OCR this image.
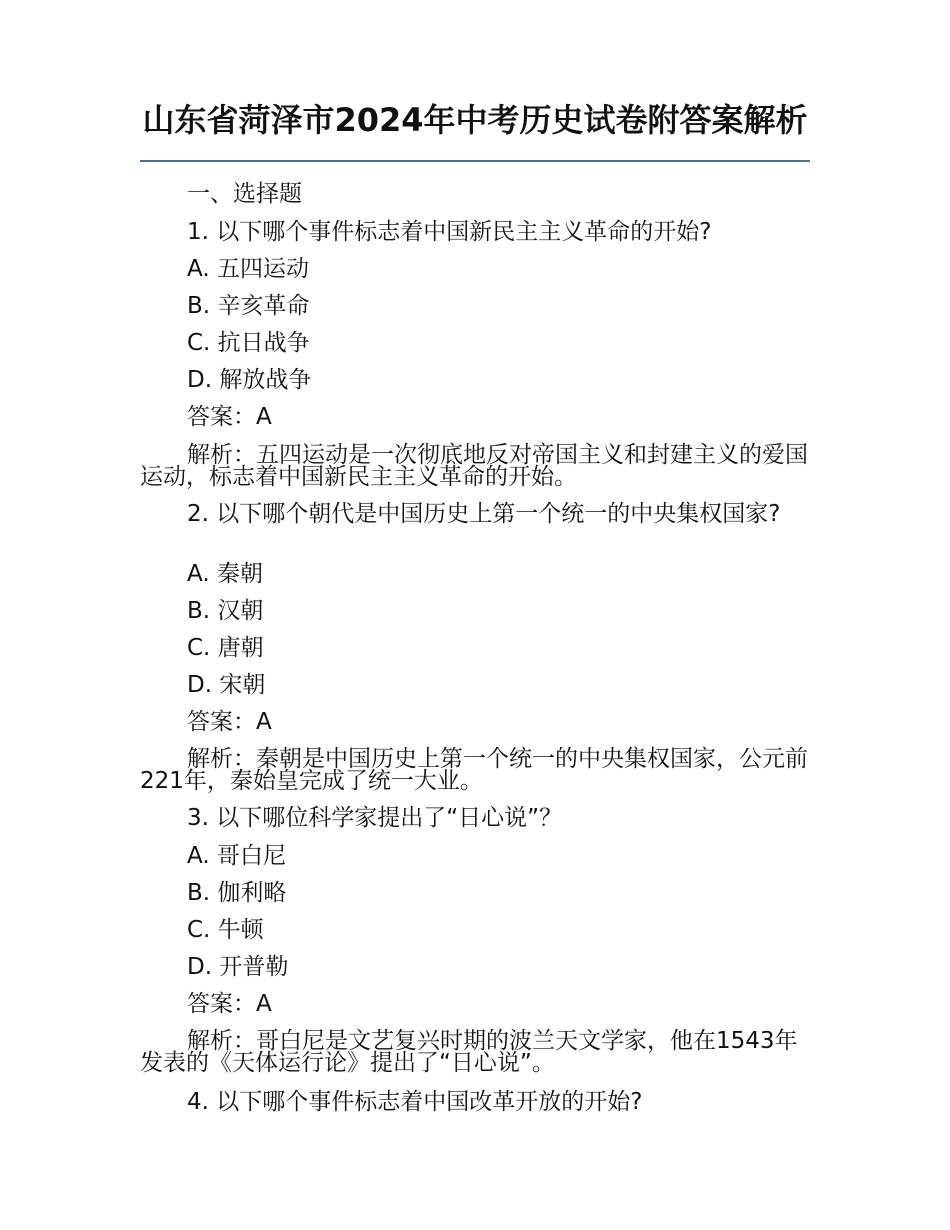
山东省菏泽市2024年中考历史试卷附答案解析
一、选择题
1. 以下哪个事件标志着中国新民主主义革命的开始?
A. 五四运动
B. 辛亥革命
C. 抗日战争
D. 解放战争
答案：A
解析：五四运动是一次彻底地反对帝国主义和封建主义的爱国运动，标志着中国新民主主义革命的开始。
2. 以下哪个朝代是中国历史上第一个统一的中央集权国家?
A. 秦朝
B. 汉朝
C. 唐朝
D. 宋朝
答案：A
解析：秦朝是中国历史上第一个统一的中央集权国家，公元前221年，秦始皇完成了统一大业。
3. 以下哪位科学家提出了“日心说”？
A. 哥白尼
B. 伽利略
C. 牛顿
D. 开普勒
答案：A
解析：哥白尼是文艺复兴时期的波兰天文学家，他在1543年发表的《天体运行论》提出了“日心说”。
4. 以下哪个事件标志着中国改革开放的开始?
